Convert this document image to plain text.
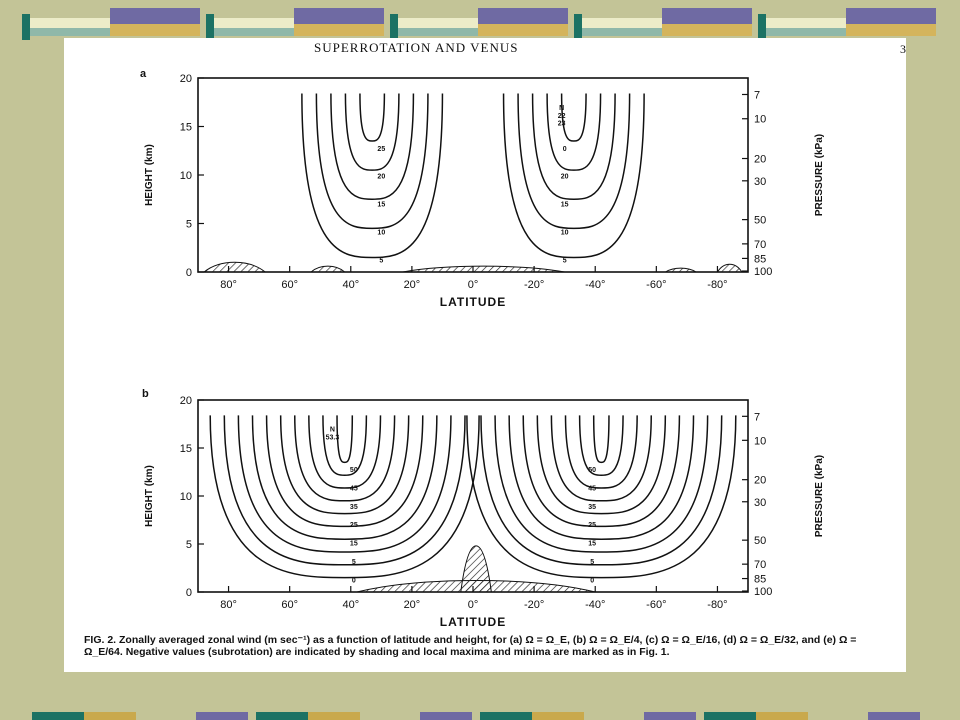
SUPERROTATION AND VENUS	3
a
b
25
20
15
10
5
0
20
15
10
5
N
22
23
0
5
10
15
20
80°	60°	40°	20°	0°	-20°	-40°	-60°	-80°
7
10
20
30
50
70
85
100
LATITUDE
HEIGHT (km)	PRESSURE (kPa)
50
45
35
25
15
5
0
50
45
35
25
15
5
0
N
53.3
0
5
10
15
20
80°	60°	40°	20°	0°	-20°	-40°	-60°	-80°
7
10
20
30
50
70
85
100
LATITUDE
HEIGHT (km)	PRESSURE (kPa)
FIG. 2. Zonally averaged zonal wind (m sec⁻¹) as a function of latitude and height, for (a) Ω = Ω_E, (b) Ω = Ω_E/4, (c) Ω = Ω_E/16, (d) Ω = Ω_E/32, and (e) Ω = Ω_E/64. Negative values (subrotation) are indicated by shading and local maxima and minima are marked as in Fig. 1.
